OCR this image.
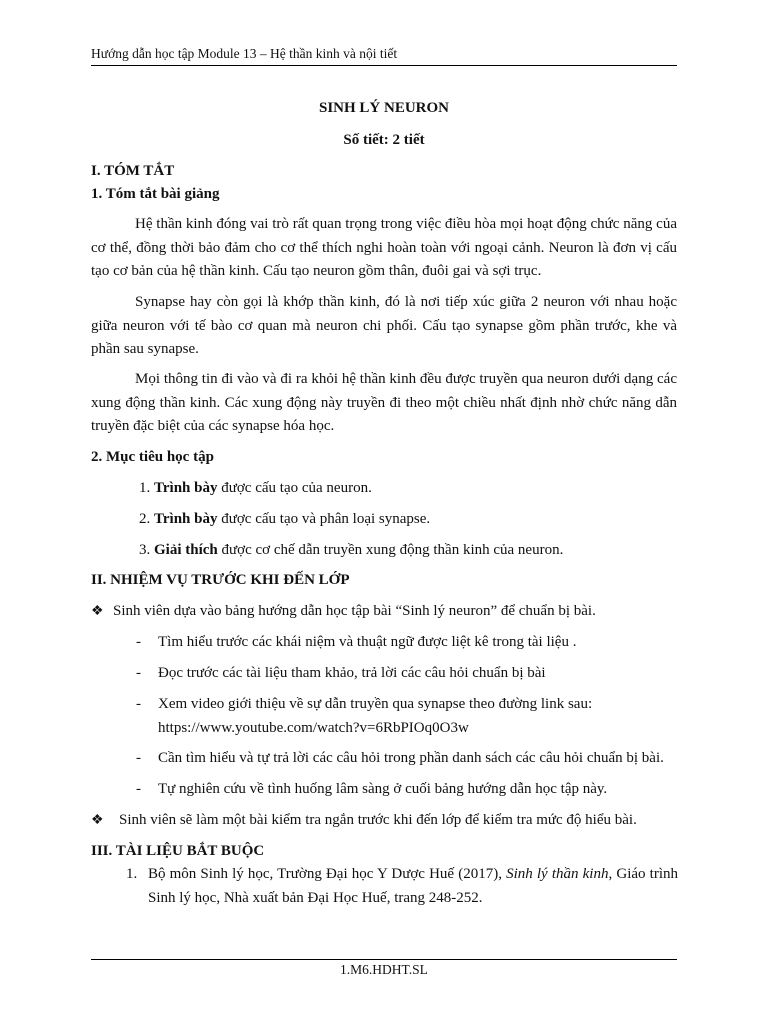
Hướng dẫn học tập Module 13 – Hệ thần kinh và nội tiết
SINH LÝ NEURON
Số tiết: 2 tiết
I. TÓM TẮT
1. Tóm tắt bài giảng
Hệ thần kinh đóng vai trò rất quan trọng trong việc điều hòa mọi hoạt động chức năng của cơ thể, đồng thời bảo đảm cho cơ thể thích nghi hoàn toàn với ngoại cảnh. Neuron là đơn vị cấu tạo cơ bản của hệ thần kinh. Cấu tạo neuron gồm thân, đuôi gai và sợi trục.
Synapse hay còn gọi là khớp thần kinh, đó là nơi tiếp xúc giữa 2 neuron với nhau hoặc giữa neuron với tế bào cơ quan mà neuron chi phối. Cấu tạo synapse gồm phần trước, khe và phần sau synapse.
Mọi thông tin đi vào và đi ra khỏi hệ thần kinh đều được truyền qua neuron dưới dạng các xung động thần kinh. Các xung động này truyền đi theo một chiều nhất định nhờ chức năng dẫn truyền đặc biệt của các synapse hóa học.
2. Mục tiêu học tập
1. Trình bày được cấu tạo của neuron.
2. Trình bày được cấu tạo và phân loại synapse.
3. Giải thích được cơ chế dẫn truyền xung động thần kinh của neuron.
II. NHIỆM VỤ TRƯỚC KHI ĐẾN LỚP
❖ Sinh viên dựa vào bảng hướng dẫn học tập bài “Sinh lý neuron” để chuẩn bị bài.
- Tìm hiểu trước các khái niệm và thuật ngữ được liệt kê trong tài liệu .
- Đọc trước các tài liệu tham khảo, trả lời các câu hỏi chuẩn bị bài
- Xem video giới thiệu về sự dẫn truyền qua synapse theo đường link sau: https://www.youtube.com/watch?v=6RbPIOq0O3w
- Cần tìm hiểu và tự trả lời các câu hỏi trong phần danh sách các câu hỏi chuẩn bị bài.
- Tự nghiên cứu về tình huống lâm sàng ở cuối bảng hướng dẫn học tập này.
❖ Sinh viên sẽ làm một bài kiểm tra ngắn trước khi đến lớp để kiểm tra mức độ hiểu bài.
III. TÀI LIỆU BẮT BUỘC
1. Bộ môn Sinh lý học, Trường Đại học Y Dược Huế (2017), Sinh lý thần kinh, Giáo trình Sinh lý học, Nhà xuất bản Đại Học Huế, trang 248-252.
1.M6.HDHT.SL
